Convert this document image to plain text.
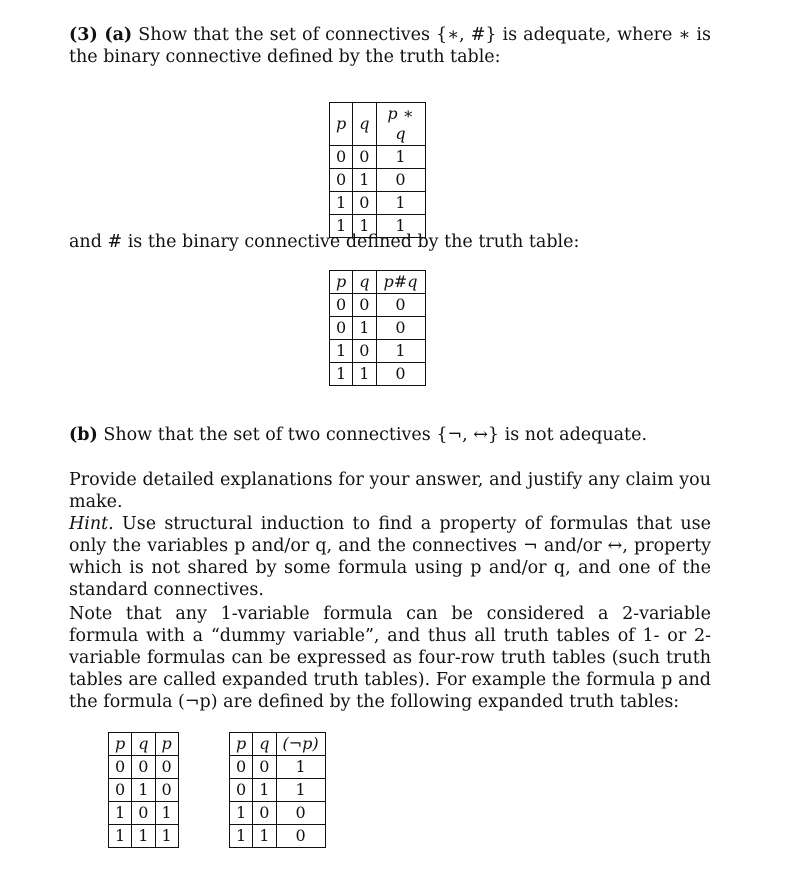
(3) (a) Show that the set of connectives {∗, #} is adequate, where ∗ is the binary connective defined by the truth table:

p	q	p ∗ q
0	0	1
0	1	0
1	0	1
1	1	1

and # is the binary connective defined by the truth table:

p	q	p#q
0	0	0
0	1	0
1	0	1
1	1	0

(b) Show that the set of two connectives {¬, ↔} is not adequate.

Provide detailed explanations for your answer, and justify any claim you make.

Hint. Use structural induction to find a property of formulas that use only the variables p and/or q, and the connectives ¬ and/or ↔, property which is not shared by some formula using p and/or q, and one of the standard connectives.

Note that any 1-variable formula can be considered a 2-variable formula with a “dummy variable”, and thus all truth tables of 1- or 2-variable formulas can be expressed as four-row truth tables (such truth tables are called expanded truth tables). For example the formula p and the formula (¬p) are defined by the following expanded truth tables:

p	q	p
0	0	0
0	1	0
1	0	1
1	1	1
p	q	(¬p)
0	0	1
0	1	1
1	0	0
1	1	0
